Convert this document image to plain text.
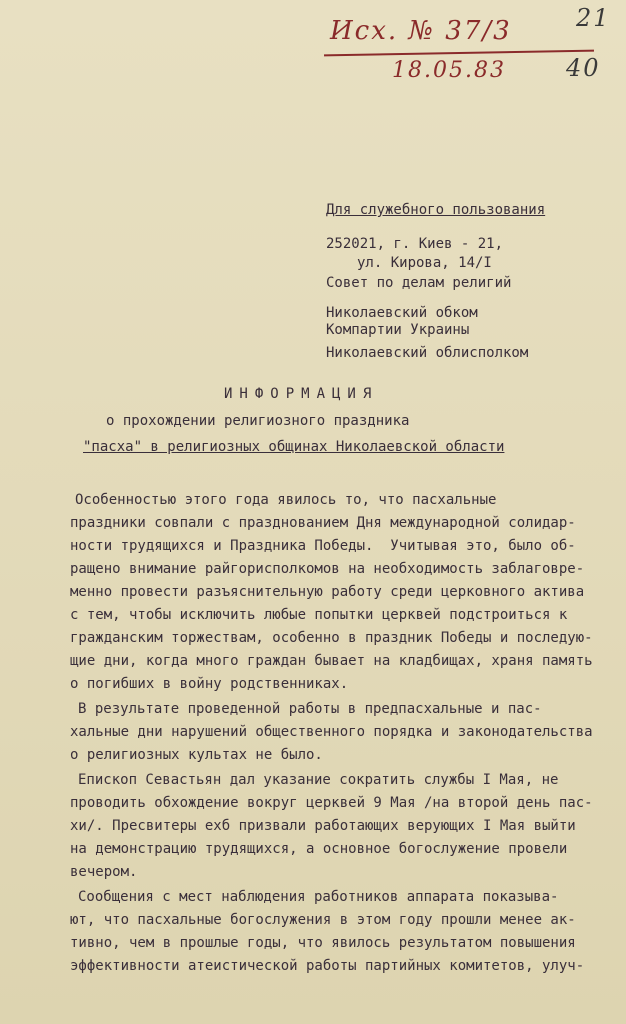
Исх. № 37/3
18.05.83
21
40
Для служебного пользования
252021, г. Киев - 21,
ул. Кирова, 14/I
Совет по делам религий
Николаевский обком
Компартии Украины
Николаевский облисполком
ИНФОРМАЦИЯ
о прохождении религиозного праздника
"пасха" в религиозных общинах Николаевской области
Особенностью этого года явилось то, что пасхальные
праздники совпали с празднованием Дня международной солидар-
ности трудящихся и Праздника Победы.  Учитывая это, было об-
ращено внимание райгорисполкомов на необходимость заблаговре-
менно провести разъяснительную работу среди церковного актива
с тем, чтобы исключить любые попытки церквей подстроиться к
гражданским торжествам, особенно в праздник Победы и последую-
щие дни, когда много граждан бывает на кладбищах, храня память
о погибших в войну родственниках.
В результате проведенной работы в предпасхальные и пас-
хальные дни нарушений общественного порядка и законодательства
о религиозных культах не было.
Епископ Севастьян дал указание сократить службы I Мая, не
проводить обхождение вокруг церквей 9 Мая /на второй день пас-
хи/. Пресвитеры ехб призвали работающих верующих I Мая выйти
на демонстрацию трудящихся, а основное богослужение провели
вечером.
Сообщения с мест наблюдения работников аппарата показыва-
ют, что пасхальные богослужения в этом году прошли менее ак-
тивно, чем в прошлые годы, что явилось результатом повышения
эффективности атеистической работы партийных комитетов, улуч-
